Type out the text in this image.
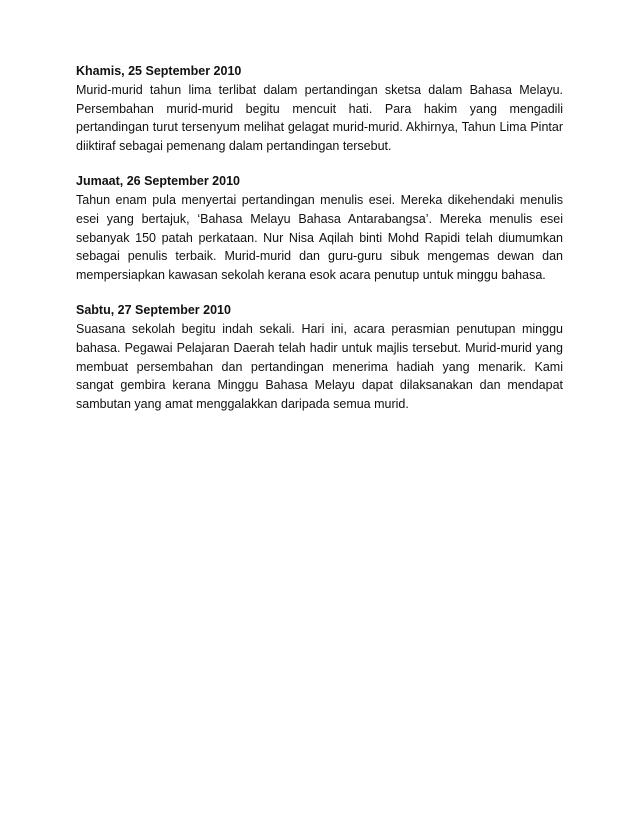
Khamis, 25 September 2010

Murid-murid tahun lima terlibat dalam pertandingan sketsa dalam Bahasa Melayu. Persembahan murid-murid begitu mencuit hati. Para hakim yang mengadili pertandingan turut tersenyum melihat gelagat murid-murid. Akhirnya, Tahun Lima Pintar diiktiraf sebagai pemenang dalam pertandingan tersebut.

Jumaat, 26 September 2010

Tahun enam pula menyertai pertandingan menulis esei. Mereka dikehendaki menulis esei yang bertajuk, ‘Bahasa Melayu Bahasa Antarabangsa’. Mereka menulis esei sebanyak 150 patah perkataan. Nur Nisa Aqilah binti Mohd Rapidi telah diumumkan sebagai penulis terbaik. Murid-murid dan guru-guru sibuk mengemas dewan dan mempersiapkan kawasan sekolah kerana esok acara penutup untuk minggu bahasa.

Sabtu, 27 September 2010

Suasana sekolah begitu indah sekali. Hari ini, acara perasmian penutupan minggu bahasa. Pegawai Pelajaran Daerah telah hadir untuk majlis tersebut. Murid-murid yang membuat persembahan dan pertandingan menerima hadiah yang menarik. Kami sangat gembira kerana Minggu Bahasa Melayu dapat dilaksanakan dan mendapat sambutan yang amat menggalakkan daripada semua murid.
